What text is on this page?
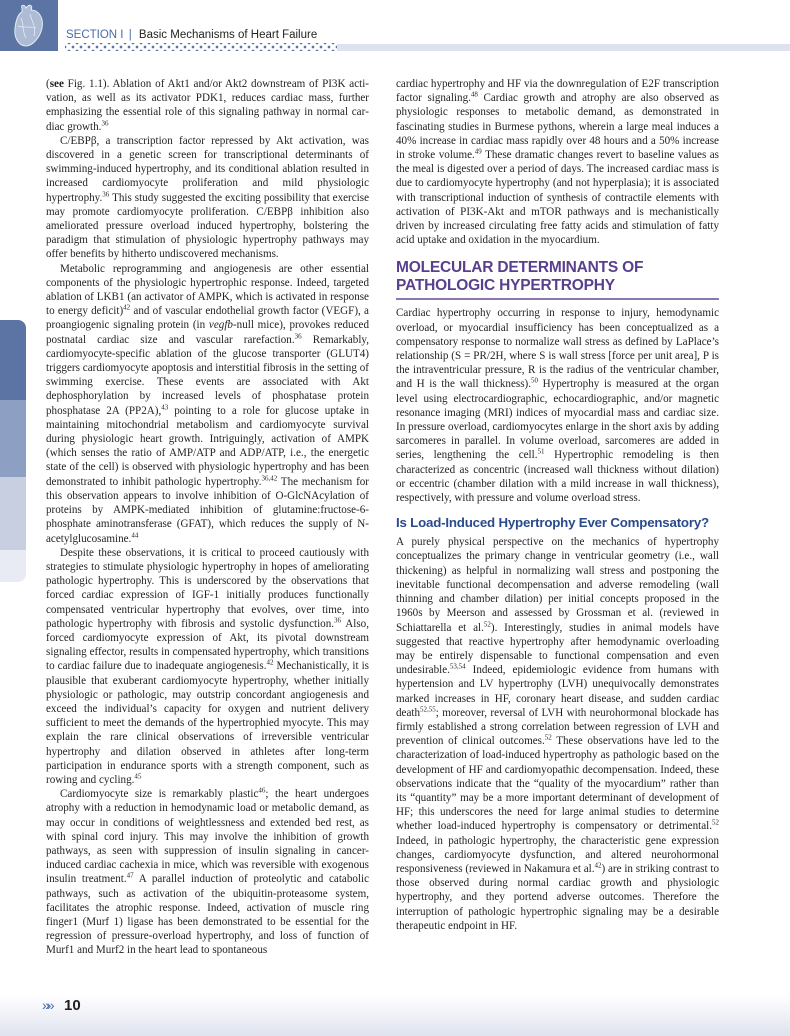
SECTION I | Basic Mechanisms of Heart Failure

(see Fig. 1.1). Ablation of Akt1 and/or Akt2 downstream of PI3K activation, as well as its activator PDK1, reduces cardiac mass, further emphasizing the essential role of this signaling pathway in normal cardiac growth.$^{36}$

C/EBPβ, a transcription factor repressed by Akt activation, was discovered in a genetic screen for transcriptional determinants of swimming-induced hypertrophy, and its conditional ablation resulted in increased cardiomyocyte proliferation and mild physiologic hypertrophy.$^{36}$ This study suggested the exciting possibility that exercise may promote cardiomyocyte proliferation. C/EBPβ inhibition also ameliorated pressure overload induced hypertrophy, bolstering the paradigm that stimulation of physiologic hypertrophy pathways may offer benefits by hitherto undiscovered mechanisms.

Metabolic reprogramming and angiogenesis are other essential components of the physiologic hypertrophic response. Indeed, targeted ablation of LKB1 (an activator of AMPK, which is activated in response to energy deficit)$^{42}$ and of vascular endothelial growth factor (VEGF), a proangiogenic signaling protein (in vegfb-null mice), provokes reduced postnatal cardiac size and vascular rarefaction.$^{36}$ Remarkably, cardiomyocyte-specific ablation of the glucose transporter (GLUT4) triggers cardiomyocyte apoptosis and interstitial fibrosis in the setting of swimming exercise. These events are associated with Akt dephosphorylation by increased levels of phosphatase protein phosphatase 2A (PP2A),$^{43}$ pointing to a role for glucose uptake in maintaining mitochondrial metabolism and cardiomyocyte survival during physiologic heart growth. Intriguingly, activation of AMPK (which senses the ratio of AMP/ATP and ADP/ATP, i.e., the energetic state of the cell) is observed with physiologic hypertrophy and has been demonstrated to inhibit pathologic hypertrophy.$^{36,42}$ The mechanism for this observation appears to involve inhibition of O-GlcNAcylation of proteins by AMPK-mediated inhibition of glutamine:fructose-6-phosphate aminotransferase (GFAT), which reduces the supply of N-acetylglucosamine.$^{44}$

Despite these observations, it is critical to proceed cautiously with strategies to stimulate physiologic hypertrophy in hopes of ameliorating pathologic hypertrophy. This is underscored by the observations that forced cardiac expression of IGF-1 initially produces functionally compensated ventricular hypertrophy that evolves, over time, into pathologic hypertrophy with fibrosis and systolic dysfunction.$^{36}$ Also, forced cardiomyocyte expression of Akt, its pivotal downstream signaling effector, results in compensated hypertrophy, which transitions to cardiac failure due to inadequate angiogenesis.$^{42}$ Mechanistically, it is plausible that exuberant cardiomyocyte hypertrophy, whether initially physiologic or pathologic, may outstrip concordant angiogenesis and exceed the individual’s capacity for oxygen and nutrient delivery sufficient to meet the demands of the hypertrophied myocyte. This may explain the rare clinical observations of irreversible ventricular hypertrophy and dilation observed in athletes after long-term participation in endurance sports with a strength component, such as rowing and cycling.$^{45}$

Cardiomyocyte size is remarkably plastic$^{46}$; the heart undergoes atrophy with a reduction in hemodynamic load or metabolic demand, as may occur in conditions of weightlessness and extended bed rest, as with spinal cord injury. This may involve the inhibition of growth pathways, as seen with suppression of insulin signaling in cancer-induced cardiac cachexia in mice, which was reversible with exogenous insulin treatment.$^{47}$ A parallel induction of proteolytic and catabolic pathways, such as activation of the ubiquitin-proteasome system, facilitates the atrophic response. Indeed, activation of muscle ring finger1 (Murf 1) ligase has been demonstrated to be essential for the regression of pressure-overload hypertrophy, and loss of function of Murf1 and Murf2 in the heart lead to spontaneous

cardiac hypertrophy and HF via the downregulation of E2F transcription factor signaling.$^{48}$ Cardiac growth and atrophy are also observed as physiologic responses to metabolic demand, as demonstrated in fascinating studies in Burmese pythons, wherein a large meal induces a 40% increase in cardiac mass rapidly over 48 hours and a 50% increase in stroke volume.$^{49}$ These dramatic changes revert to baseline values as the meal is digested over a period of days. The increased cardiac mass is due to cardiomyocyte hypertrophy (and not hyperplasia); it is associated with transcriptional induction of synthesis of contractile elements with activation of PI3K-Akt and mTOR pathways and is mechanistically driven by increased circulating free fatty acids and stimulation of fatty acid uptake and oxidation in the myocardium.

MOLECULAR DETERMINANTS OF PATHOLOGIC HYPERTROPHY

Cardiac hypertrophy occurring in response to injury, hemodynamic overload, or myocardial insufficiency has been conceptualized as a compensatory response to normalize wall stress as defined by LaPlace’s relationship (S = PR/2H, where S is wall stress [force per unit area], P is the intraventricular pressure, R is the radius of the ventricular chamber, and H is the wall thickness).$^{50}$ Hypertrophy is measured at the organ level using electrocardiographic, echocardiographic, and/or magnetic resonance imaging (MRI) indices of myocardial mass and cardiac size. In pressure overload, cardiomyocytes enlarge in the short axis by adding sarcomeres in parallel. In volume overload, sarcomeres are added in series, lengthening the cell.$^{51}$ Hypertrophic remodeling is then characterized as concentric (increased wall thickness without dilation) or eccentric (chamber dilation with a mild increase in wall thickness), respectively, with pressure and volume overload stress.

Is Load-Induced Hypertrophy Ever Compensatory?

A purely physical perspective on the mechanics of hypertrophy conceptualizes the primary change in ventricular geometry (i.e., wall thickening) as helpful in normalizing wall stress and postponing the inevitable functional decompensation and adverse remodeling (wall thinning and chamber dilation) per initial concepts proposed in the 1960s by Meerson and assessed by Grossman et al. (reviewed in Schiattarella et al.$^{52}$). Interestingly, studies in animal models have suggested that reactive hypertrophy after hemodynamic overloading may be entirely dispensable to functional compensation and even undesirable.$^{53,54}$ Indeed, epidemiologic evidence from humans with hypertension and LV hypertrophy (LVH) unequivocally demonstrates marked increases in HF, coronary heart disease, and sudden cardiac death$^{52,55}$; moreover, reversal of LVH with neurohormonal blockade has firmly established a strong correlation between regression of LVH and prevention of clinical outcomes.$^{52}$ These observations have led to the characterization of load-induced hypertrophy as pathologic based on the development of HF and cardiomyopathic decompensation. Indeed, these observations indicate that the “quality of the myocardium” rather than its “quantity” may be a more important determinant of development of HF; this underscores the need for large animal studies to determine whether load-induced hypertrophy is compensatory or detrimental.$^{52}$ Indeed, in pathologic hypertrophy, the characteristic gene expression changes, cardiomyocyte dysfunction, and altered neurohormonal responsiveness (reviewed in Nakamura et al.$^{42}$) are in striking contrast to those observed during normal cardiac growth and physiologic hypertrophy, and they portend adverse outcomes. Therefore the interruption of pathologic hypertrophic signaling may be a desirable therapeutic endpoint in HF.

»» 10
